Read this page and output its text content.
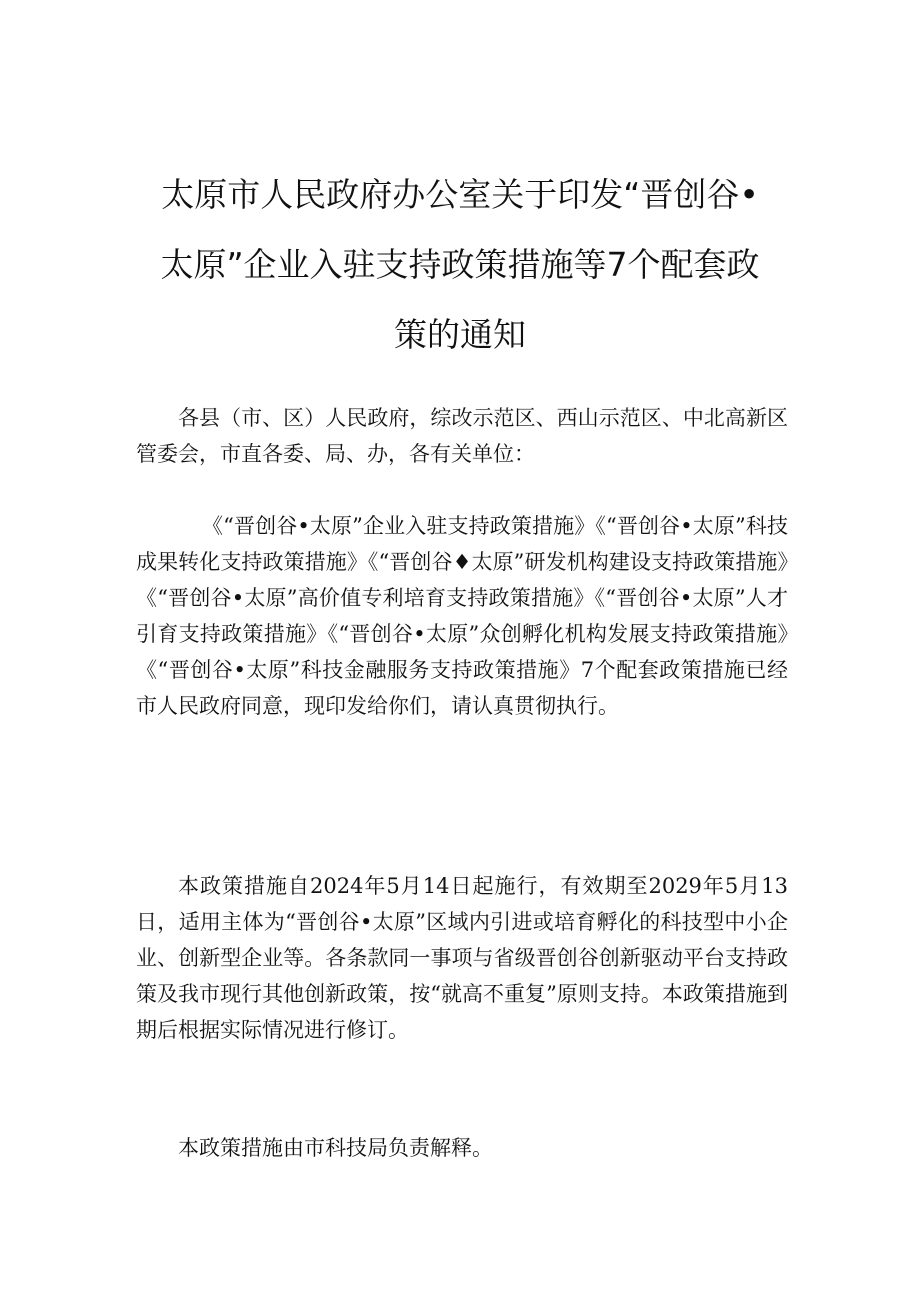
太原市人民政府办公室关于印发“晋创谷•太原”企业入驻支持政策措施等7个配套政策的通知

各县（市、区）人民政府，综改示范区、西山示范区、中北高新区管委会，市直各委、局、办，各有关单位：

《“晋创谷•太原”企业入驻支持政策措施》《“晋创谷•太原”科技成果转化支持政策措施》《“晋创谷♦太原”研发机构建设支持政策措施》《“晋创谷•太原”高价值专利培育支持政策措施》《“晋创谷•太原”人才引育支持政策措施》《“晋创谷•太原”众创孵化机构发展支持政策措施》《“晋创谷•太原”科技金融服务支持政策措施》7个配套政策措施已经市人民政府同意，现印发给你们，请认真贯彻执行。

本政策措施自2024年5月14日起施行，有效期至2029年5月13日，适用主体为“晋创谷•太原”区域内引进或培育孵化的科技型中小企业、创新型企业等。各条款同一事项与省级晋创谷创新驱动平台支持政策及我市现行其他创新政策，按“就高不重复”原则支持。本政策措施到期后根据实际情况进行修订。

本政策措施由市科技局负责解释。
